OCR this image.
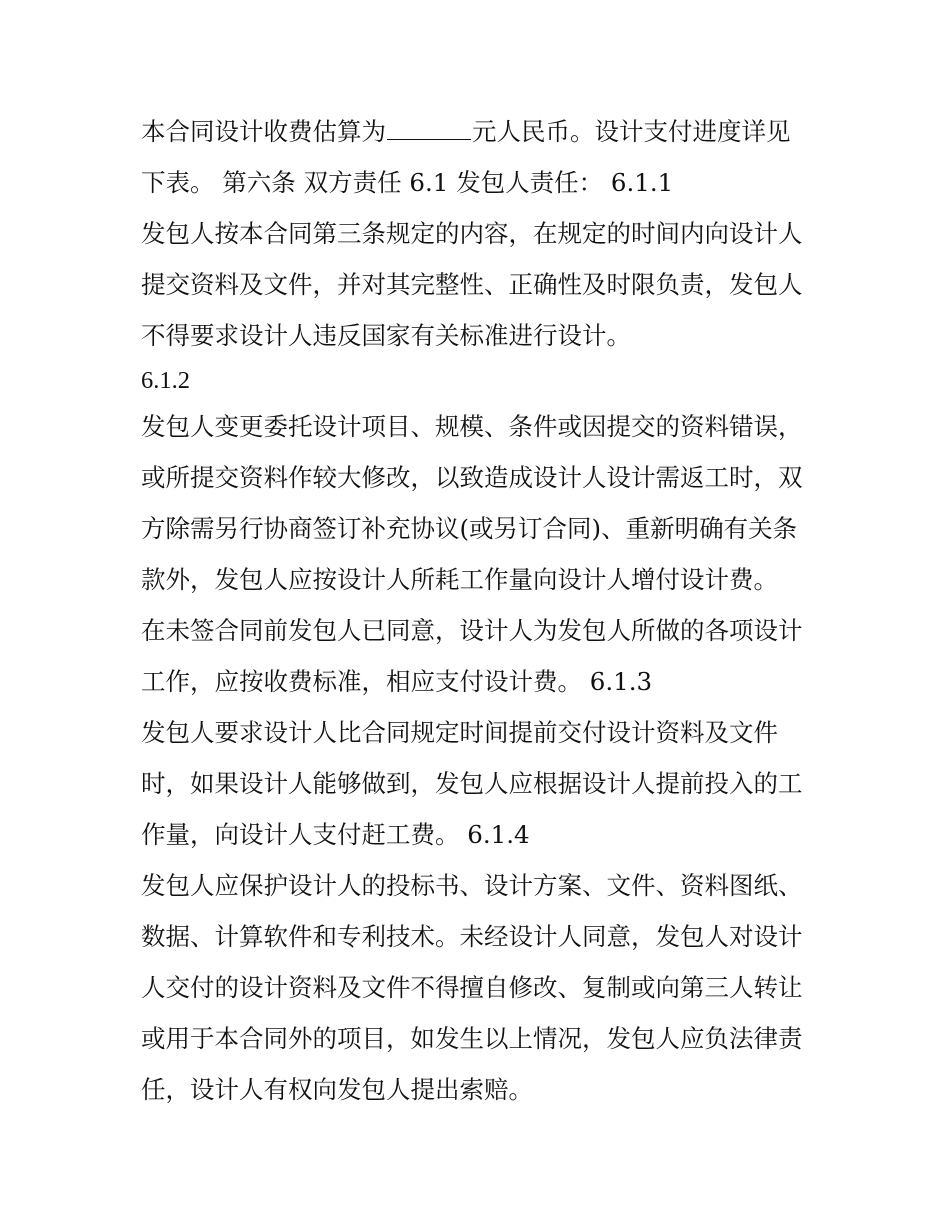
本合同设计收费估算为	元人民币。设计支付进度详见
下表。 第六条 双方责任 6.1 发包人责任： 6.1.1
发包人按本合同第三条规定的内容，在规定的时间内向设计人
提交资料及文件，并对其完整性、正确性及时限负责，发包人
不得要求设计人违反国家有关标准进行设计。
6.1.2
发包人变更委托设计项目、规模、条件或因提交的资料错误，
或所提交资料作较大修改，以致造成设计人设计需返工时，双
方除需另行协商签订补充协议(或另订合同)、重新明确有关条
款外，发包人应按设计人所耗工作量向设计人增付设计费。
在未签合同前发包人已同意，设计人为发包人所做的各项设计
工作，应按收费标准，相应支付设计费。 6.1.3
发包人要求设计人比合同规定时间提前交付设计资料及文件
时，如果设计人能够做到，发包人应根据设计人提前投入的工
作量，向设计人支付赶工费。 6.1.4
发包人应保护设计人的投标书、设计方案、文件、资料图纸、
数据、计算软件和专利技术。未经设计人同意，发包人对设计
人交付的设计资料及文件不得擅自修改、复制或向第三人转让
或用于本合同外的项目，如发生以上情况，发包人应负法律责
任，设计人有权向发包人提出索赔。
